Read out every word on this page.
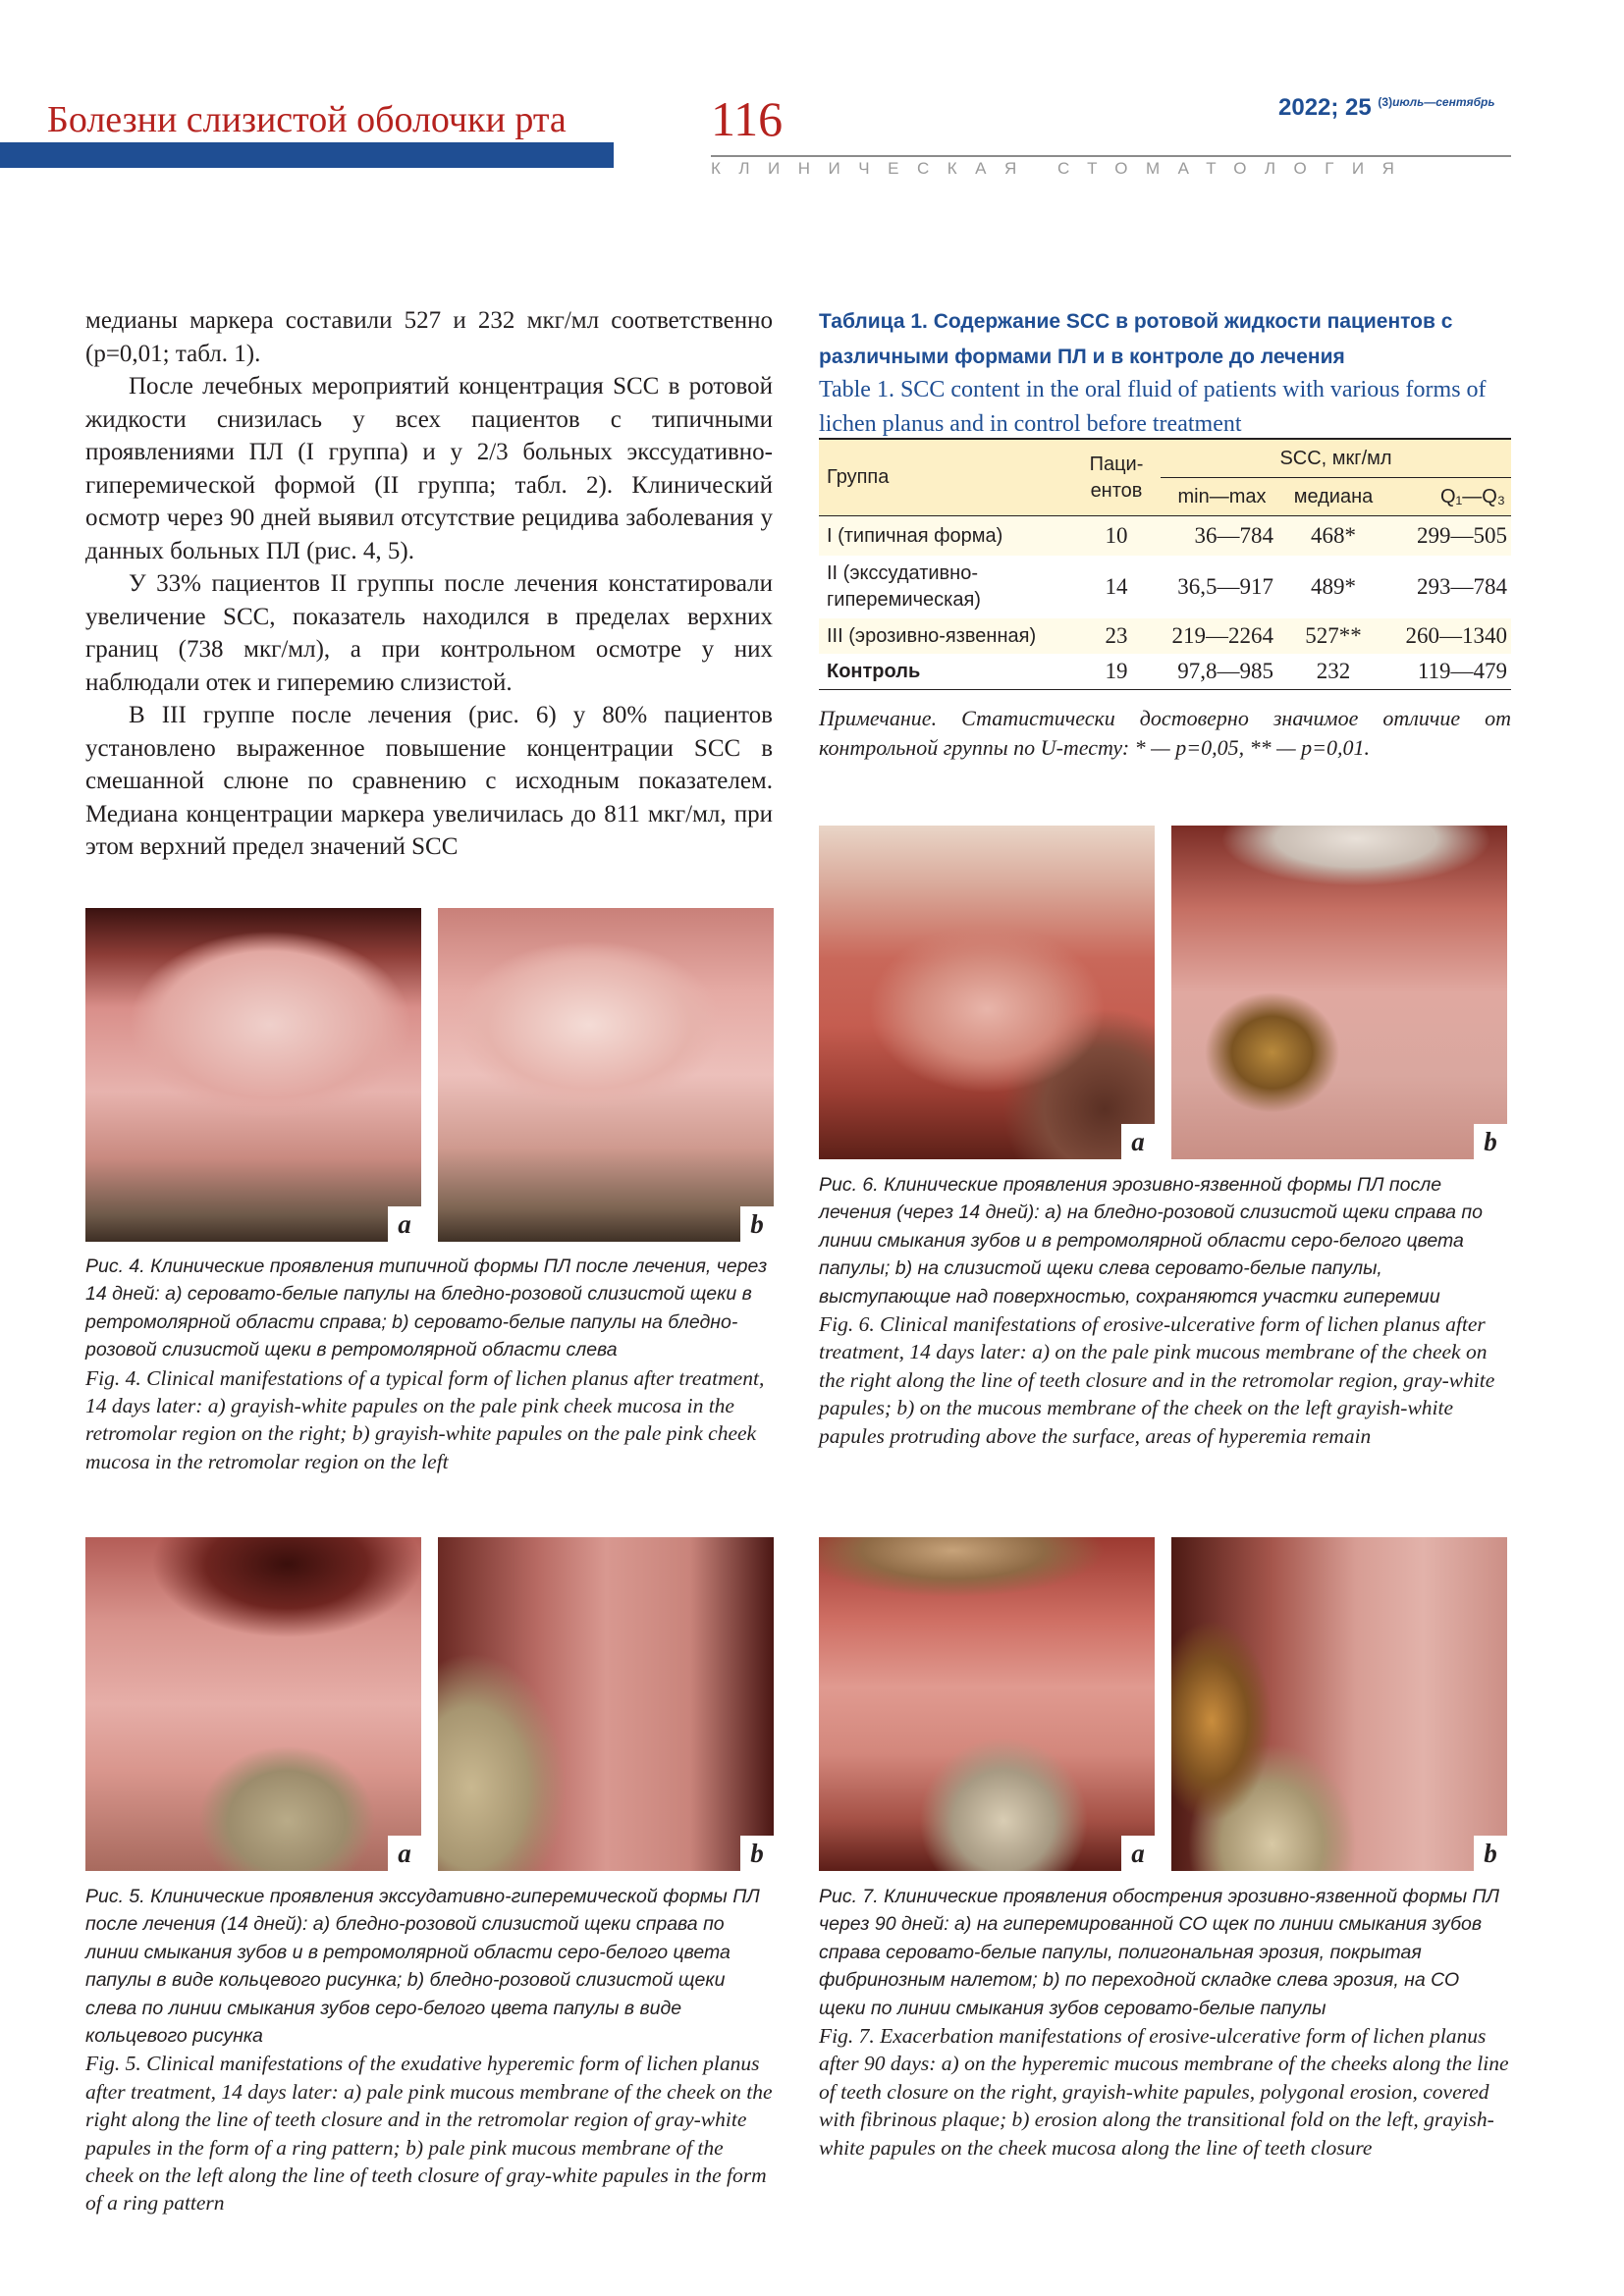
Болезни слизистой оболочки рта	116	2022; 25 $^{(3)июль—сентябрь}$
КЛИНИЧЕСКАЯ СТОМАТОЛОГИЯ

медианы маркера составили 527 и 232 мкг/мл соответственно (p=0,01; табл. 1).

После лечебных мероприятий концентрация SCC в ротовой жидкости снизилась у всех пациентов с типичными проявлениями ПЛ (I группа) и у 2/3 больных экссудативно-гиперемической формой (II группа; табл. 2). Клинический осмотр через 90 дней выявил отсутствие рецидива заболевания у данных больных ПЛ (рис. 4, 5).

У 33% пациентов II группы после лечения констатировали увеличение SCC, показатель находился в пределах верхних границ (738 мкг/мл), а при контрольном осмотре у них наблюдали отек и гиперемию слизистой.

В III группе после лечения (рис. 6) у 80% пациентов установлено выраженное повышение концентрации SCC в смешанной слюне по сравнению с исходным показателем. Медиана концентрации маркера увеличилась до 811 мкг/мл, при этом верхний предел значений SCC

Таблица 1. Содержание SCC в ротовой жидкости пациентов с различными формами ПЛ и в контроле до лечения
Table 1. SCC content in the oral fluid of patients with various forms of lichen planus and in control before treatment
Группа	Паци-
ентов	SCC, мкг/мл		
		min—max	медиана	Q₁—Q₃
I (типичная форма)	10	36—784	468*	299—505
II (экссудативно-
гиперемическая)	14	36,5—917	489*	293—784
III (эрозивно-язвенная)	23	219—2264	527**	260—1340
Контроль	19	97,8—985	232	119—479
Примечание. Статистически достоверно значимое отличие от контрольной группы по U-тесту: * — p=0,05, ** — p=0,01.
a	b
Рис. 4. Клинические проявления типичной формы ПЛ после лечения, через 14 дней: а) серовато-белые папулы на бледно-розовой слизистой щеки в ретромолярной области справа; b) серовато-белые папулы на бледно-розовой слизистой щеки в ретромолярной области слева
Fig. 4. Clinical manifestations of a typical form of lichen planus after treatment, 14 days later: a) grayish-white papules on the pale pink cheek mucosa in the retromolar region on the right; b) grayish-white papules on the pale pink cheek mucosa in the retromolar region on the left
a	b
Рис. 5. Клинические проявления экссудативно-гиперемической формы ПЛ после лечения (14 дней): а) бледно-розовой слизистой щеки справа по линии смыкания зубов и в ретромолярной области серо-белого цвета папулы в виде кольцевого рисунка; b) бледно-розовой слизистой щеки слева по линии смыкания зубов серо-белого цвета папулы в виде кольцевого рисунка
Fig. 5. Clinical manifestations of the exudative hyperemic form of lichen planus after treatment, 14 days later: a) pale pink mucous membrane of the cheek on the right along the line of teeth closure and in the retromolar region of gray-white papules in the form of a ring pattern; b) pale pink mucous membrane of the cheek on the left along the line of teeth closure of gray-white papules in the form of a ring pattern
a	b
Рис. 6. Клинические проявления эрозивно-язвенной формы ПЛ после лечения (через 14 дней): а) на бледно-розовой слизистой щеки справа по линии смыкания зубов и в ретромолярной области серо-белого цвета папулы; b) на слизистой щеки слева серовато-белые папулы, выступающие над поверхностью, сохраняются участки гиперемии
Fig. 6. Clinical manifestations of erosive-ulcerative form of lichen planus after treatment, 14 days later: a) on the pale pink mucous membrane of the cheek on the right along the line of teeth closure and in the retromolar region, gray-white papules; b) on the mucous membrane of the cheek on the left grayish-white papules protruding above the surface, areas of hyperemia remain
a	b
Рис. 7. Клинические проявления обострения эрозивно-язвенной формы ПЛ через 90 дней: а) на гиперемированной СО щек по линии смыкания зубов справа серовато-белые папулы, полигональная эрозия, покрытая фибринозным налетом; b) по переходной складке слева эрозия, на СО щеки по линии смыкания зубов серовато-белые папулы
Fig. 7. Exacerbation manifestations of erosive-ulcerative form of lichen planus after 90 days: a) on the hyperemic mucous membrane of the cheeks along the line of teeth closure on the right, grayish-white papules, polygonal erosion, covered with fibrinous plaque; b) erosion along the transitional fold on the left, grayish-white papules on the cheek mucosa along the line of teeth closure
